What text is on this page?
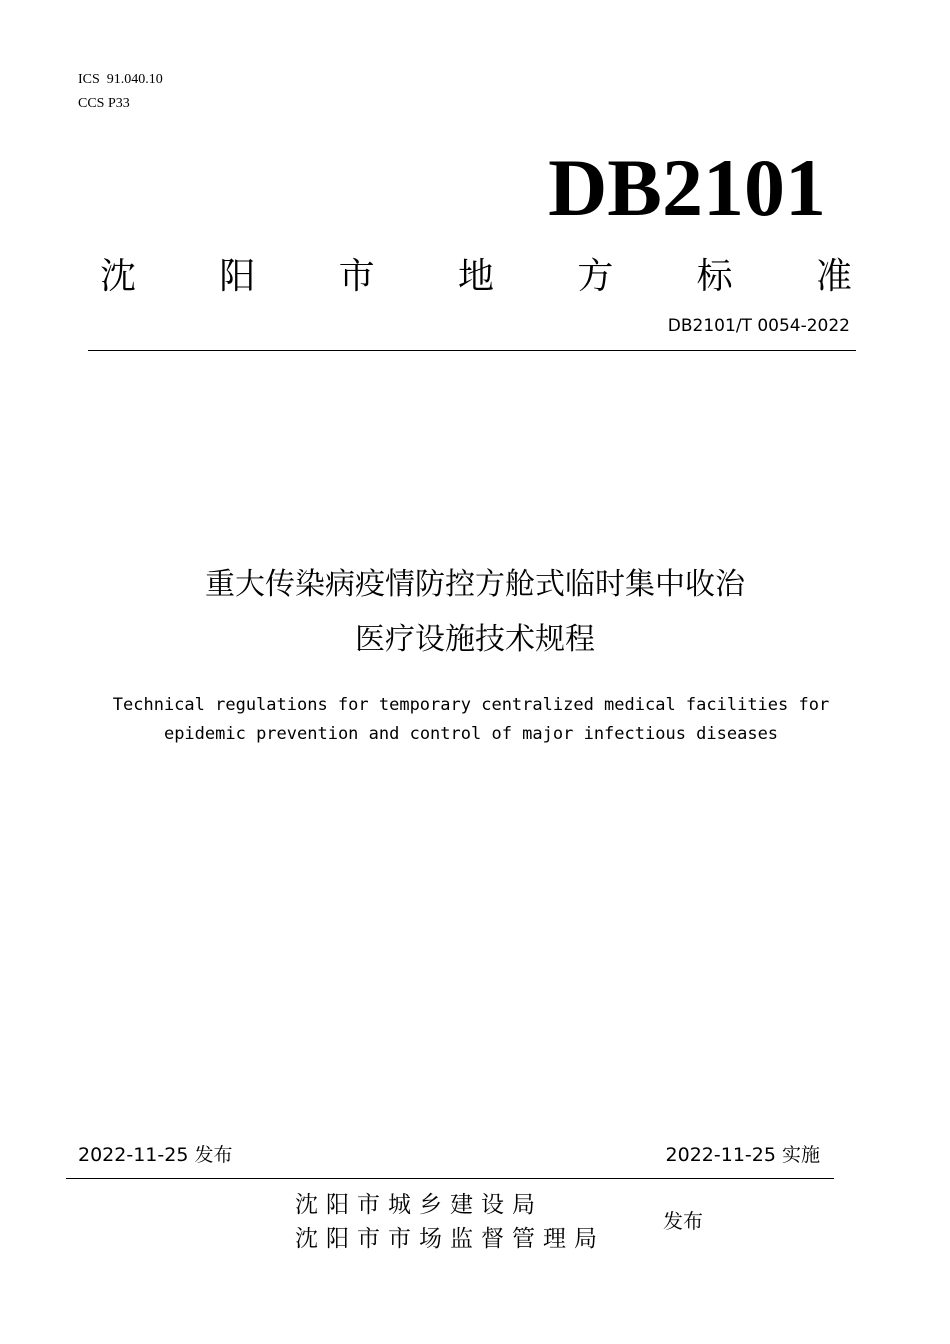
ICS  91.040.10
CCS P33
DB2101
沈 阳 市 地 方 标 准
DB2101/T 0054-2022
重大传染病疫情防控方舱式临时集中收治
医疗设施技术规程
Technical regulations for temporary centralized medical facilities for
epidemic prevention and control of major infectious diseases
2022-11-25 发布	2022-11-25 实施
沈阳市城乡建设局
沈阳市市场监督管理局
发布
